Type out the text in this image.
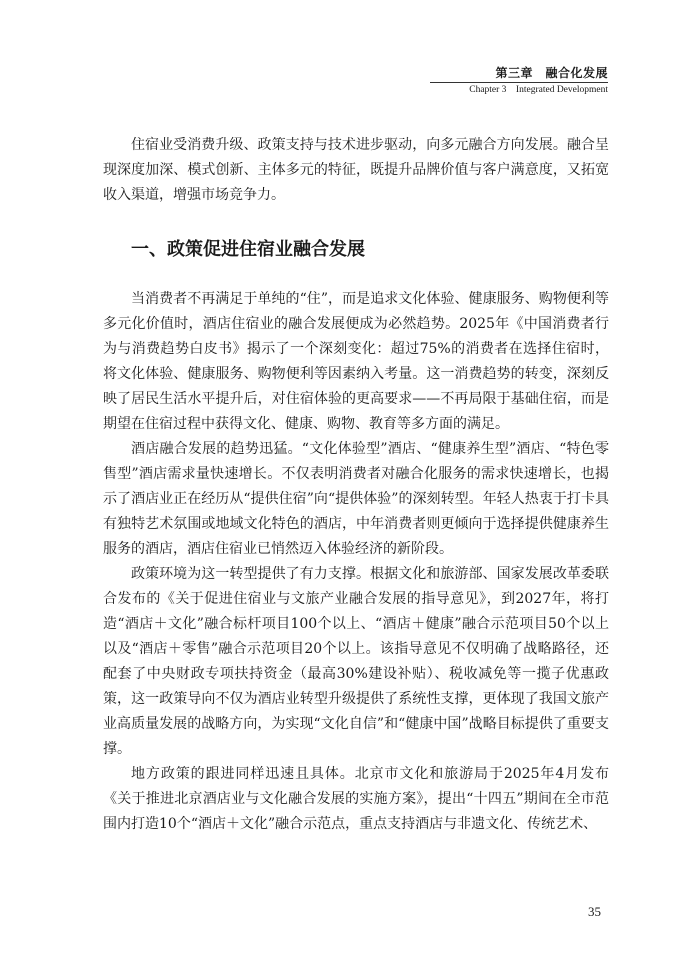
第三章　融合化发展
Chapter 3　Integrated Development

住宿业受消费升级、政策支持与技术进步驱动，向多元融合方向发展。融合呈现深度加深、模式创新、主体多元的特征，既提升品牌价值与客户满意度，又拓宽收入渠道，增强市场竞争力。

一、政策促进住宿业融合发展

当消费者不再满足于单纯的“住”，而是追求文化体验、健康服务、购物便利等多元化价值时，酒店住宿业的融合发展便成为必然趋势。2025年《中国消费者行为与消费趋势白皮书》揭示了一个深刻变化：超过75%的消费者在选择住宿时，将文化体验、健康服务、购物便利等因素纳入考量。这一消费趋势的转变，深刻反映了居民生活水平提升后，对住宿体验的更高要求——不再局限于基础住宿，而是期望在住宿过程中获得文化、健康、购物、教育等多方面的满足。

酒店融合发展的趋势迅猛。“文化体验型”酒店、“健康养生型”酒店、“特色零售型”酒店需求量快速增长。不仅表明消费者对融合化服务的需求快速增长，也揭示了酒店业正在经历从“提供住宿”向“提供体验”的深刻转型。年轻人热衷于打卡具有独特艺术氛围或地域文化特色的酒店，中年消费者则更倾向于选择提供健康养生服务的酒店，酒店住宿业已悄然迈入体验经济的新阶段。

政策环境为这一转型提供了有力支撑。根据文化和旅游部、国家发展改革委联合发布的《关于促进住宿业与文旅产业融合发展的指导意见》，到2027年，将打造“酒店＋文化”融合标杆项目100个以上、“酒店＋健康”融合示范项目50个以上以及“酒店＋零售”融合示范项目20个以上。该指导意见不仅明确了战略路径，还配套了中央财政专项扶持资金（最高30%建设补贴）、税收减免等一揽子优惠政策，这一政策导向不仅为酒店业转型升级提供了系统性支撑，更体现了我国文旅产业高质量发展的战略方向，为实现“文化自信”和“健康中国”战略目标提供了重要支撑。

地方政策的跟进同样迅速且具体。北京市文化和旅游局于2025年4月发布《关于推进北京酒店业与文化融合发展的实施方案》，提出“十四五”期间在全市范围内打造10个“酒店＋文化”融合示范点，重点支持酒店与非遗文化、传统艺术、

35
